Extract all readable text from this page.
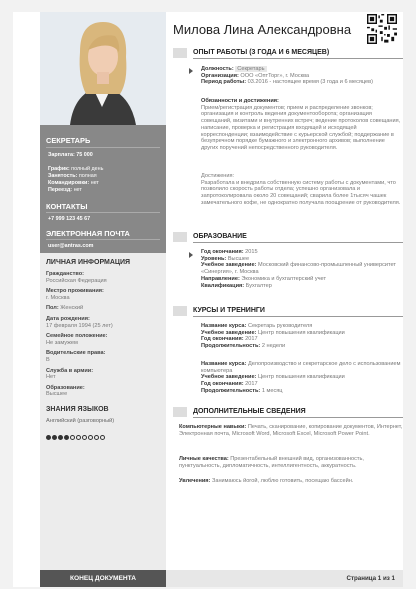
СЕКРЕТАРЬ
Зарплата: 75 000
График: полный день
Занятость: полная
Командировки: нет
Переезд: нет
КОНТАКТЫ
+7 999 123 45 67
ЭЛЕКТРОННАЯ ПОЧТА
user@antras.com
ЛИЧНАЯ ИНФОРМАЦИЯ
Гражданство:
Российская Федерация
Местро проживания:
г. Москва
Пол: Женский
Дата рождения:
17 февраля 1994 (25 лет)
Семейное положение:
Не замужем
Водительские права:
B
Служба в армии:
Нет
Образование:
Высшее
ЗНАНИЯ ЯЗЫКОВ
Английский (разговорный)
КОНЕЦ ДОКУМЕНТА	Страница 1 из 1
Милова Лина Александровна
ОПЫТ РАБОТЫ (3 ГОДА И 6 МЕСЯЦЕВ)
Должность: Секретарь
Организация: ООО «ОптТорг», г. Москва
Период работы: 03.2016 - настоящее время (3 года и 6 месяцев)
Обязанности и достижения:
Прием/регистрация документов; прием и распределение звонков; организация и контроль ведения документооборота; организация совещаний, визитами и внутренних встреч; ведение протоколов совещания, написание, проверка и регистрация входящей и исходящей корреспонденции; взаимодействие с курьерской службой; поддержание в безупречном порядке бумажного и электронного архивов; выполнение других поручений непосредственного руководителя.
Достижения:
Разработала и внедрила собственную систему работы с документами, что позволило скорость работы отдела; успешно организовала и запротоколировала около 20 совещаний; сварила более 1тысяч чашек замечательного кофе, не однократно получала поощрение от руководителя.
ОБРАЗОВАНИЕ
Год окончания: 2015
Уровень: Высшее
Учебное заведение: Московский финансово-промышленный университет «Синергия», г. Москва
Направление: Экономика и бухгалтерский учет
Квалификация: Бухгалтер
КУРСЫ И ТРЕНИНГИ
Название курса: Секретарь руководителя
Учебное заведение: Центр повышения квалификации
Год окончания: 2017
Продолжительность: 2 недели
Название курса: Делопроизводство и секретарское дело с использованием компьютера
Учебное заведение: Центр повышения квалификации
Год окончания: 2017
Продолжительность: 1 месяц
ДОПОЛНИТЕЛЬНЫЕ СВЕДЕНИЯ
Компьютерные навыки: Печать, сканирование, копирование документов, Интернет, Электронная почта, Microsoft Word, Microsoft Excel, Microsoft Power Point.
Личные качества: Презентабельный внешний вид, организованность, пунктуальность, дипломатичность, интеллигентность, аккуратность.
Увлечения: Занимаюсь йогой, люблю готовить, посещаю бассейн.
